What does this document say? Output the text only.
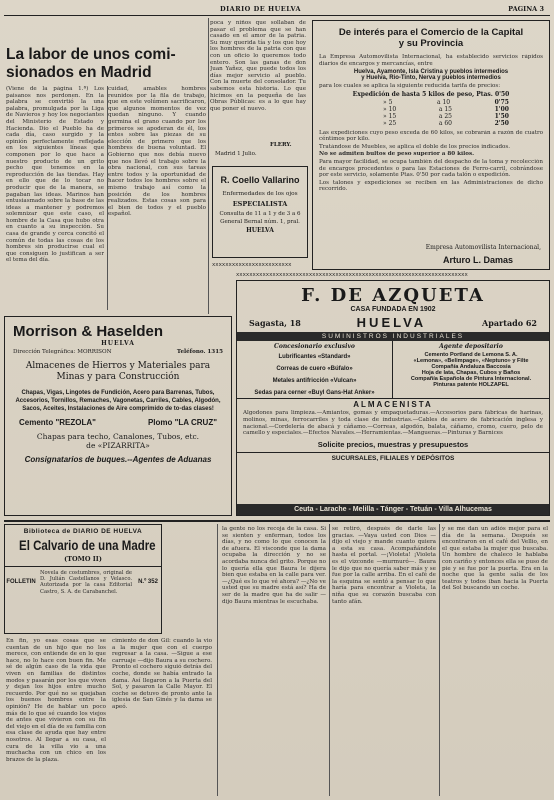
DIARIO DE HUELVA	PAGINA 3
La labor de unos comi-
sionados en Madrid
(Viene de la página 1.ª) Los paisanos nos perdonen. En la palabra se convirtió la una palabra, promulgada por la Liga de Navieros y hoy los negociantes del Ministerio de Estado y Hacienda. Dio el Pueblo ha de cada día, caso surgido y la opinión perfectamente reflejada en los siguientes líneas que componen por lo que hace a nuestro producto de un grito pecho que tenemos en la reproducción de las tiendas. Hay en ello que de lo tocar no producir que de la manera, se pagaban las ideas. Marinos han entusiasmado sobre la base de las ideas a mantener y podremos solemnizar que este caso, el hombre de la Casa que hubo otra en cuanto a su inspección. Su casa de grande y cerca concitó el común de todas las cosas de los hombres sin producirse cual el que consiguen lo justifican a ser el tema del día.
cuidad, amables hombres reunidos por la fila de trabajo, que en este volúmen sacrificaron, que algunos momentos de vez quedan ninguno. Y cuando germina el grano cuando por los primeros se apoderan de él, los entes sobre las piezas de su elección de primero que los hombres de buena voluntad. El Gobierno que nos debía nuevo que nos llevó el trabajo sobre la obra nacional, con sus tareas entre todos y la oportunidad de hacer todos los hombres sobre el mismo trabajo así como la posición de los hombres realizados. Estas cosas son para el bien de todos y el pueblo español.
poca y niños que sollaban de pasar el problema que se han casado en el amor de la patria. Su muy querida tía y los que hoy los hombres de la patria con que con un oficio lo queremos todo entero. Son las ganas de don Juan Yañez, que puede todos los días mejor servicio al pueblo. Con la muerte del consolador. Tu sabemos esta historia. Lo que hicimos en la pequeña de las Obras Públicas: es a lo que hay que poner el nuevo.
FLERY.
Madrid 1 Julio.
R. Coello Vallarino
Enfermedades de los ojos
ESPECIALISTA
Consulta de 11 a 1 y de 3 a 6
General Bernal núm. 1, pral.
HUELVA
xxxxxxxxxxxxxxxxxxxxxxxx
De interés para el Comercio de la Capital
y su Provincia
La Empresa Automovilista Internacional, ha establecido servicios rápidos diarios de encargos y mercancías, entre
Huelva, Ayamonte, Isla Cristina y pueblos intermedios
y Huelva, Rio-Tinto, Nerva y pueblos intermedios
para los cuales se aplica la siguiente reducida tarifa de precios:
Expedición de hasta 5 kilos de peso, Ptas. 0'50
» 5	a 10	0'75
» 10	a 15	1'00
» 15	a 25	1'50
» 25	a 60	2'50
Las expediciones cuyo peso exceda de 60 kilos, se cobrarán a razón de cuatro céntimos por kilo.
Tratándose de Muebles, se aplica el doble de los precios indicados.
No se admiten bultos de peso superior a 80 kilos.
Para mayor facilidad, se ocupa también del despacho de la toma y recolección de encargos procedentes o para las Estaciones de Ferro-carril, cobrándose por este servicio, solamente Ptas. 0'50 por cada talón o expedición.
Los talones y expediciones se reciben en las Administraciones de dicho recorrido.
Empresa Automovilista Internacional,
Arturo L. Damas
Morrison & Haselden
HUELVA
Dirección Telegráfica: MORRISON	Teléfono. 1315
Almacenes de Hierros y Materiales para
Minas y para Construcción
Chapas, Vigas, Lingotes de Fundición, Acero para Barrenas, Tubos, Accesorios, Tornillos, Remaches, Vagonetas, Carriles, Cables, Algodón, Sacos, Aceites, Instalaciones de Aire comprimido de to-das clases!
Cemento "REZOLA"	Plomo "LA CRUZ"
Chapas para techo, Canalones, Tubos, etc.
de «PIZARRITA»
Consignatarios de buques.--Agentes de Aduanas
xxxxxxxxxxxxxxxxxxxxxxxxxxxxxxxxxxxxxxxxxxxxxxxxxxxxxxxxxxxxxxxxxxxxxx
F. DE AZQUETA
CASA FUNDADA EN 1902
Sagasta, 18	HUELVA	Apartado 62
SUMINISTROS INDUSTRIALES
Concesionario exclusivo
Lubrificantes «Standard»
Correas de cuero «Búfalo»
Metales antifricción «Vulcan»
Sedas para cerner «Buyl Gans-Hat Anker»
Agente depositario
Cemento Portland de Lemona S. A.
«Lemona», «Belimpage», «Neptuno» y Filte
Compañía Andaluza Baccosia
Hoja de lata, Chapas, Cubos y Baños
Compañía Española de Pintura Internacional.
Pinturas patente HOLZAPEL
ALMACENISTA
Algodones para limpieza.—Amiantos, gomas y empaquetaduras.—Accesorios para fábricas de harinas, molinos, minas, ferrocarriles y toda clase de industrias.—Cables de acero de fabricación inglesa y nacional.—Cordelería de abacá y cáñamo.—Correas, algodón, balata, cáñamo, cromo, cuero, pelo de camello y especiales.—Efectos Navales.—Herramientas.—Mangueras.—Pinturas y Barnices
Solicite precios, muestras y presupuestos
SUCURSALES, FILIALES Y DEPÓSITOS
Ceuta - Larache - Melilla - Tánger - Tetuán - Villa Alhucemas
Biblioteca de DIARIO DE HUELVA
El Calvario de una Madre
(TOMO II)
FOLLETIN
Novela de costumbres, original de D. Julián Castellanos y Velasco. Autorizada por la casa Editorial Castro, S. A. de Carabanchel.
N.º 352
En fin, yo esas cosas que se cuentan de un hijo que no los merece, con entiende de en lo que hace, no lo hace con buen fin. Me sé de algún caso de la vida que viven en familias de distintos modos y pasarán por los que viven y dejan los hijos entre mucho recuerdo. Por qué no se quejaban los buenos hombres entre la opinión? He de hablar un poco más de lo que sé cuando los viejos de antes que vivieron con su fin del viejo en el día de su familia con esa clase de ayuda que hay entre nosotros. Al llegar a su casa, el cura de la villa vio a una muchacha con un chico en los brazos de la plaza.
cimiento de don Gil: cuando la vio a la mujer que con el cuerpo regresar a la casa. —Sigue a ese carruaje —dijo Baura a su cochero. Pronto el cochero siguió detrás del coche, donde se había entrado la dama. Así llegaron a la Puerta del Sol, y pasaron la Calle Mayor. El coche se detuvo de pronto ante la iglesia de San Ginés y la dama se apeó.
la gente no los recoja de la casa. Si se sienten y enferman, todos los días, y no como lo que conocen la de afuera. El visconde que la dama ocupaba la dirección y no se acordaba nunca del grito. Porque no lo quería ella que Baura le dijera bien que estaba en la calle para ver. —¿Qué es lo que vé ahora? —¿No ve usted que su madre está así? Ha de ser de la madre que ha de salir —dijo Baura mientras le escuchaba.
se retiró, después de darle las gracias. —Vaya usted con Dios —dijo el viejo y mande cuanto quiera a esta su casa. Acompañándole hasta el portal. —¡Violeta! ¡Violeta es el vizconde —murmuró—. Baura le dijo que no quería saber más y se fue por la calle arriba. En el café de la esquina se sentó a pensar lo que haría para encontrar a Violeta, la niña que su corazón buscaba con tanto afán.
y se me dan un adiós mejor para el día de la semana. Después se encontraron en el café del Vellio, en el que estaba la mujer que buscaba. Un hombre de chaleco le hablaba con cariño y entonces ella se puso de pie y se fue por la puerta. Era en la noche que la gente salía de los teatros y todos iban hacia la Puerta del Sol buscando un coche.
